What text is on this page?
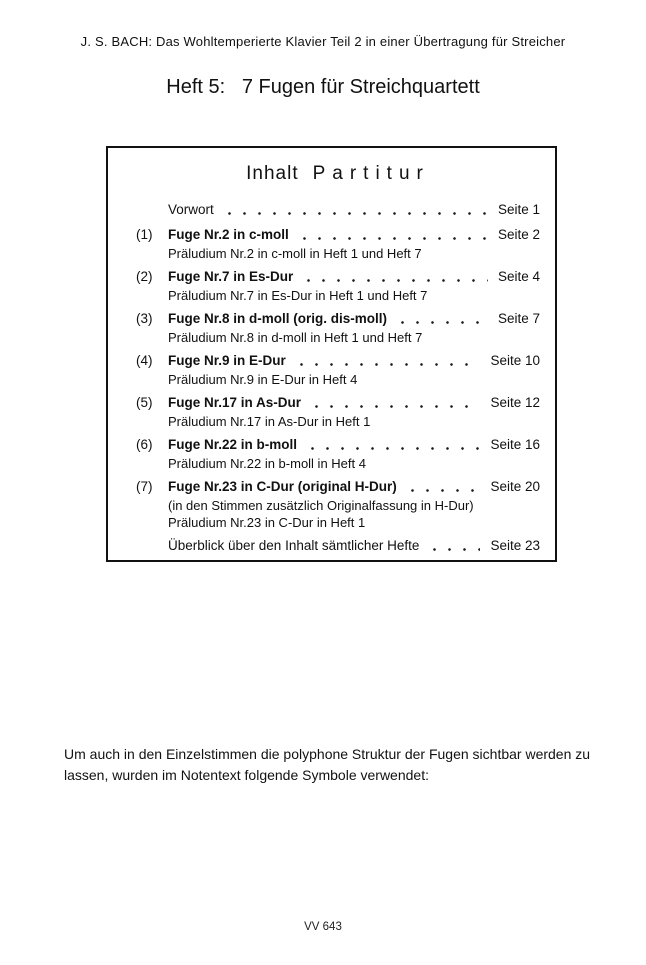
J. S. BACH: Das Wohltemperierte Klavier Teil 2 in einer Übertragung für Streicher
Heft 5:   7 Fugen für Streichquartett
Inhalt Partitur
Vorwort	Seite 1
(1)	Fuge Nr.2 in c-moll	Seite 2
Präludium Nr.2 in c-moll in Heft 1 und Heft 7
(2)	Fuge Nr.7 in Es-Dur	Seite 4
Präludium Nr.7 in Es-Dur in Heft 1 und Heft 7
(3)	Fuge Nr.8 in d-moll (orig. dis-moll)	Seite 7
Präludium Nr.8 in d-moll in Heft 1 und Heft 7
(4)	Fuge Nr.9 in E-Dur	Seite 10
Präludium Nr.9 in E-Dur in Heft 4
(5)	Fuge Nr.17 in As-Dur	Seite 12
Präludium Nr.17 in As-Dur in Heft 1
(6)	Fuge Nr.22 in b-moll	Seite 16
Präludium Nr.22 in b-moll in Heft 4
(7)	Fuge Nr.23 in C-Dur (original H-Dur)	Seite 20
(in den Stimmen zusätzlich Originalfassung in H-Dur)
Präludium Nr.23 in C-Dur in Heft 1
Überblick über den Inhalt sämtlicher Hefte	Seite 23
Um auch in den Einzelstimmen die polyphone Struktur der Fugen sichtbar werden zu lassen, wurden im Notentext folgende Symbole verwendet:
VV 643
